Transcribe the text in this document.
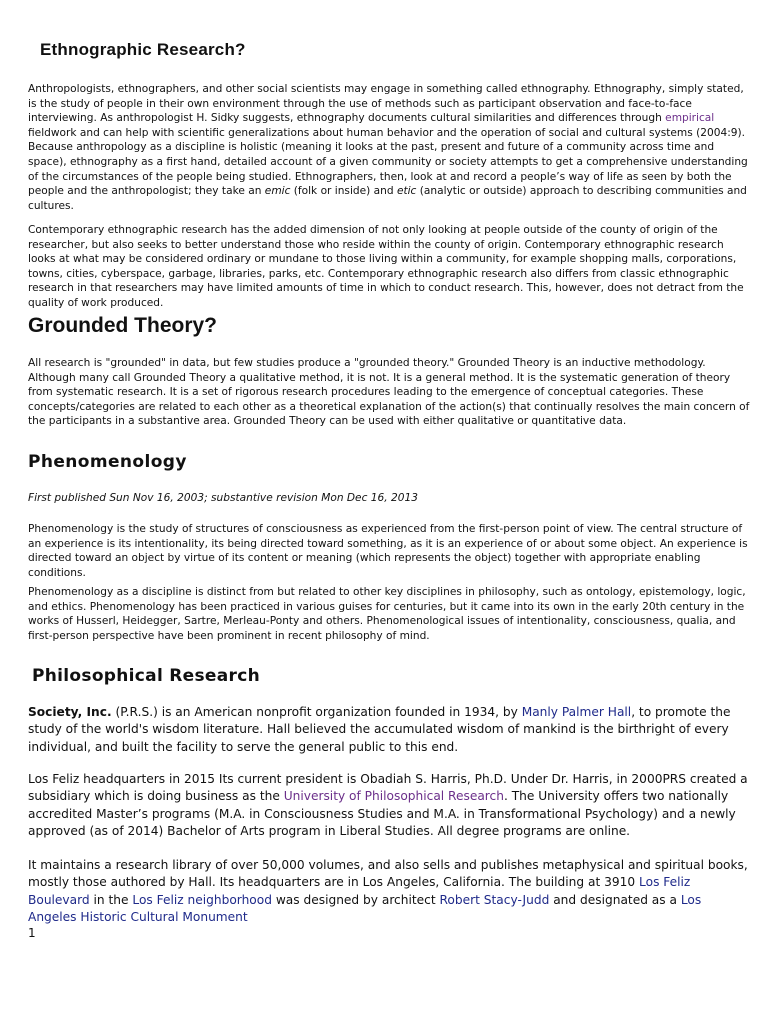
Ethnographic Research?

Anthropologists, ethnographers, and other social scientists may engage in something called ethnography. Ethnography, simply stated, is the study of people in their own environment through the use of methods such as participant observation and face-to-face interviewing. As anthropologist H. Sidky suggests, ethnography documents cultural similarities and differences through empirical fieldwork and can help with scientific generalizations about human behavior and the operation of social and cultural systems (2004:9). Because anthropology as a discipline is holistic (meaning it looks at the past, present and future of a community across time and space), ethnography as a first hand, detailed account of a given community or society attempts to get a comprehensive understanding of the circumstances of the people being studied. Ethnographers, then, look at and record a people’s way of life as seen by both the people and the anthropologist; they take an emic (folk or inside) and etic (analytic or outside) approach to describing communities and cultures.

Contemporary ethnographic research has the added dimension of not only looking at people outside of the county of origin of the researcher, but also seeks to better understand those who reside within the county of origin. Contemporary ethnographic research looks at what may be considered ordinary or mundane to those living within a community, for example shopping malls, corporations, towns, cities, cyberspace, garbage, libraries, parks, etc. Contemporary ethnographic research also differs from classic ethnographic research in that researchers may have limited amounts of time in which to conduct research. This, however, does not detract from the quality of work produced.

Grounded Theory?

All research is "grounded" in data, but few studies produce a "grounded theory." Grounded Theory is an inductive methodology. Although many call Grounded Theory a qualitative method, it is not. It is a general method. It is the systematic generation of theory from systematic research. It is a set of rigorous research procedures leading to the emergence of conceptual categories. These concepts/categories are related to each other as a theoretical explanation of the action(s) that continually resolves the main concern of the participants in a substantive area. Grounded Theory can be used with either qualitative or quantitative data.

Phenomenology

First published Sun Nov 16, 2003; substantive revision Mon Dec 16, 2013

Phenomenology is the study of structures of consciousness as experienced from the first-person point of view. The central structure of an experience is its intentionality, its being directed toward something, as it is an experience of or about some object. An experience is directed toward an object by virtue of its content or meaning (which represents the object) together with appropriate enabling conditions.

Phenomenology as a discipline is distinct from but related to other key disciplines in philosophy, such as ontology, epistemology, logic, and ethics. Phenomenology has been practiced in various guises for centuries, but it came into its own in the early 20th century in the works of Husserl, Heidegger, Sartre, Merleau-Ponty and others. Phenomenological issues of intentionality, consciousness, qualia, and first-person perspective have been prominent in recent philosophy of mind.

Philosophical Research

Society, Inc. (P.R.S.) is an American nonprofit organization founded in 1934, by Manly Palmer Hall, to promote the study of the world's wisdom literature. Hall believed the accumulated wisdom of mankind is the birthright of every individual, and built the facility to serve the general public to this end.

Los Feliz headquarters in 2015 Its current president is Obadiah S. Harris, Ph.D. Under Dr. Harris, in 2000PRS created a subsidiary which is doing business as the University of Philosophical Research. The University offers two nationally accredited Master’s programs (M.A. in Consciousness Studies and M.A. in Transformational Psychology) and a newly approved (as of 2014) Bachelor of Arts program in Liberal Studies. All degree programs are online.

It maintains a research library of over 50,000 volumes, and also sells and publishes metaphysical and spiritual books, mostly those authored by Hall. Its headquarters are in Los Angeles, California. The building at 3910 Los Feliz Boulevard in the Los Feliz neighborhood was designed by architect Robert Stacy-Judd and designated as a Los Angeles Historic Cultural Monument

1
